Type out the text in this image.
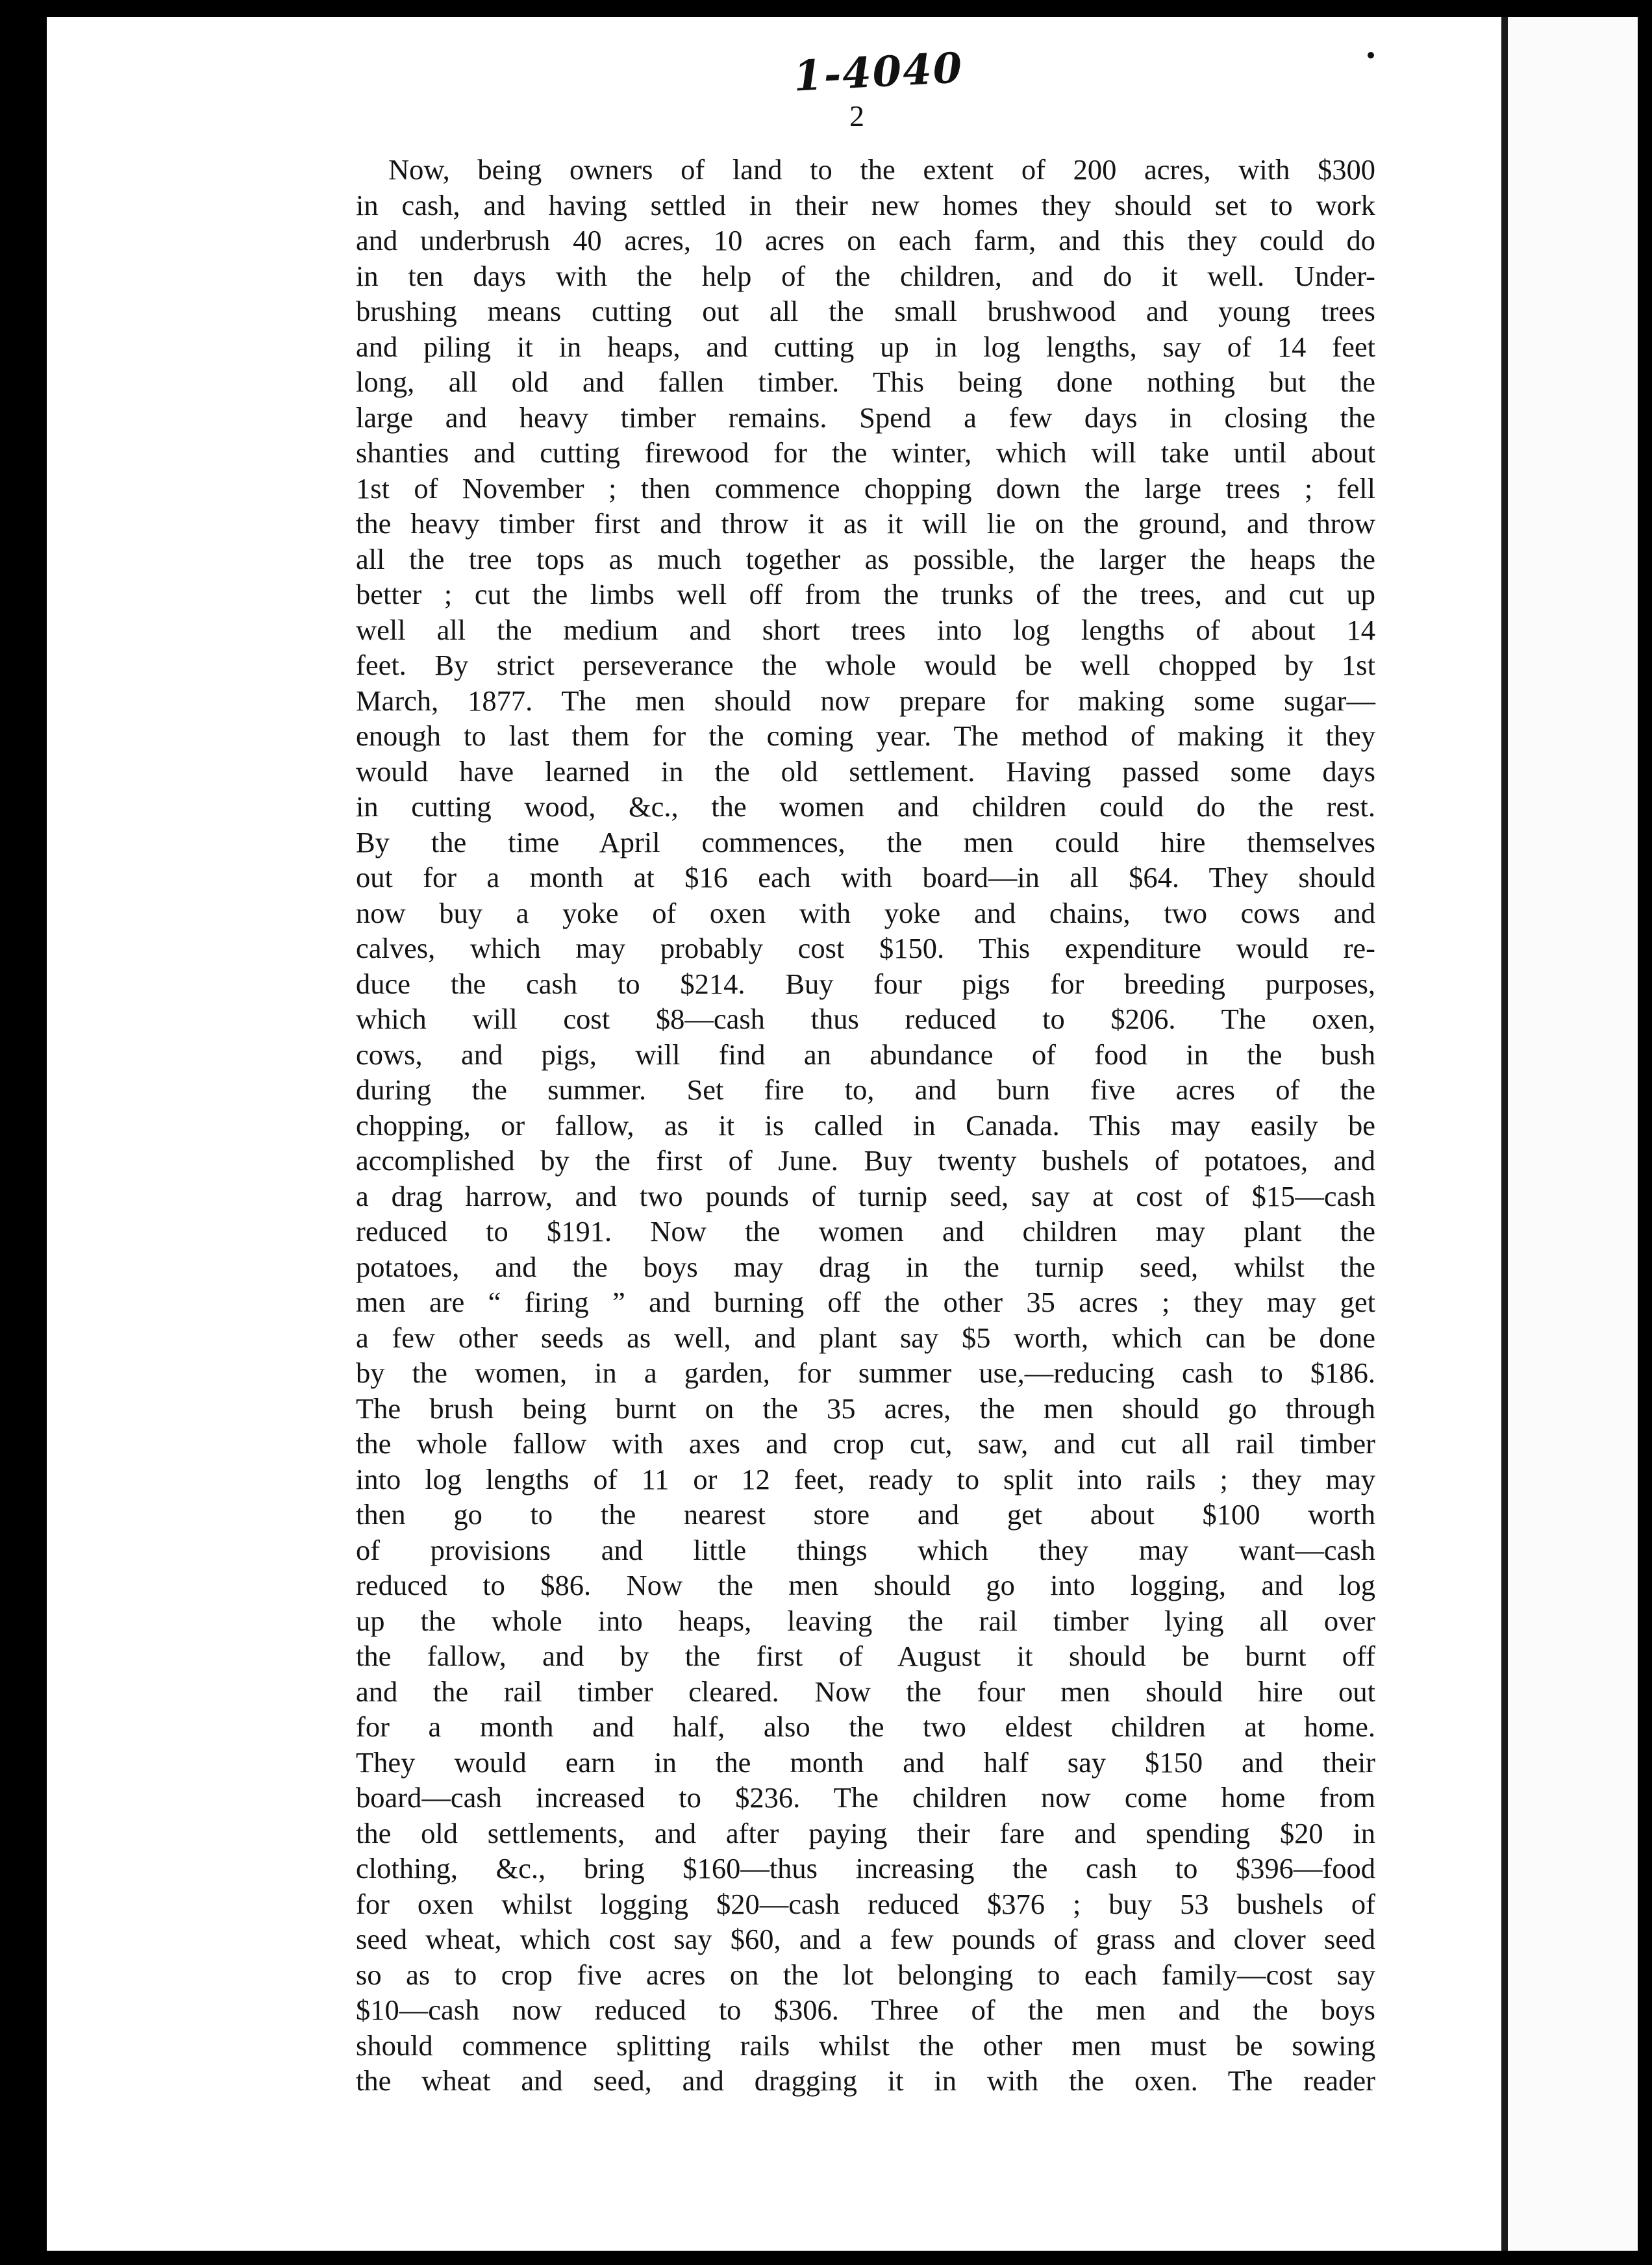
1-4040
2
Now, being owners of land to the extent of 200 acres, with $300
in cash, and having settled in their new homes they should set to work
and underbrush 40 acres, 10 acres on each farm, and this they could do
in ten days with the help of the children, and do it well. Under-
brushing means cutting out all the small brushwood and young trees
and piling it in heaps, and cutting up in log lengths, say of 14 feet
long, all old and fallen timber. This being done nothing but the
large and heavy timber remains. Spend a few days in closing the
shanties and cutting firewood for the winter, which will take until about
1st of November ; then commence chopping down the large trees ; fell
the heavy timber first and throw it as it will lie on the ground, and throw
all the tree tops as much together as possible, the larger the heaps the
better ; cut the limbs well off from the trunks of the trees, and cut up
well all the medium and short trees into log lengths of about 14
feet. By strict perseverance the whole would be well chopped by 1st
March, 1877. The men should now prepare for making some sugar—
enough to last them for the coming year. The method of making it they
would have learned in the old settlement. Having passed some days
in cutting wood, &c., the women and children could do the rest.
By the time April commences, the men could hire themselves
out for a month at $16 each with board—in all $64. They should
now buy a yoke of oxen with yoke and chains, two cows and
calves, which may probably cost $150. This expenditure would re-
duce the cash to $214. Buy four pigs for breeding purposes,
which will cost $8—cash thus reduced to $206. The oxen,
cows, and pigs, will find an abundance of food in the bush
during the summer. Set fire to, and burn five acres of the
chopping, or fallow, as it is called in Canada. This may easily be
accomplished by the first of June. Buy twenty bushels of potatoes, and
a drag harrow, and two pounds of turnip seed, say at cost of $15—cash
reduced to $191. Now the women and children may plant the
potatoes, and the boys may drag in the turnip seed, whilst the
men are “ firing ” and burning off the other 35 acres ; they may get
a few other seeds as well, and plant say $5 worth, which can be done
by the women, in a garden, for summer use,—reducing cash to $186.
The brush being burnt on the 35 acres, the men should go through
the whole fallow with axes and crop cut, saw, and cut all rail timber
into log lengths of 11 or 12 feet, ready to split into rails ; they may
then go to the nearest store and get about $100 worth
of provisions and little things which they may want—cash
reduced to $86. Now the men should go into logging, and log
up the whole into heaps, leaving the rail timber lying all over
the fallow, and by the first of August it should be burnt off
and the rail timber cleared. Now the four men should hire out
for a month and half, also the two eldest children at home.
They would earn in the month and half say $150 and their
board—cash increased to $236. The children now come home from
the old settlements, and after paying their fare and spending $20 in
clothing, &c., bring $160—thus increasing the cash to $396—food
for oxen whilst logging $20—cash reduced $376 ; buy 53 bushels of
seed wheat, which cost say $60, and a few pounds of grass and clover seed
so as to crop five acres on the lot belonging to each family—cost say
$10—cash now reduced to $306. Three of the men and the boys
should commence splitting rails whilst the other men must be sowing
the wheat and seed, and dragging it in with the oxen. The reader
